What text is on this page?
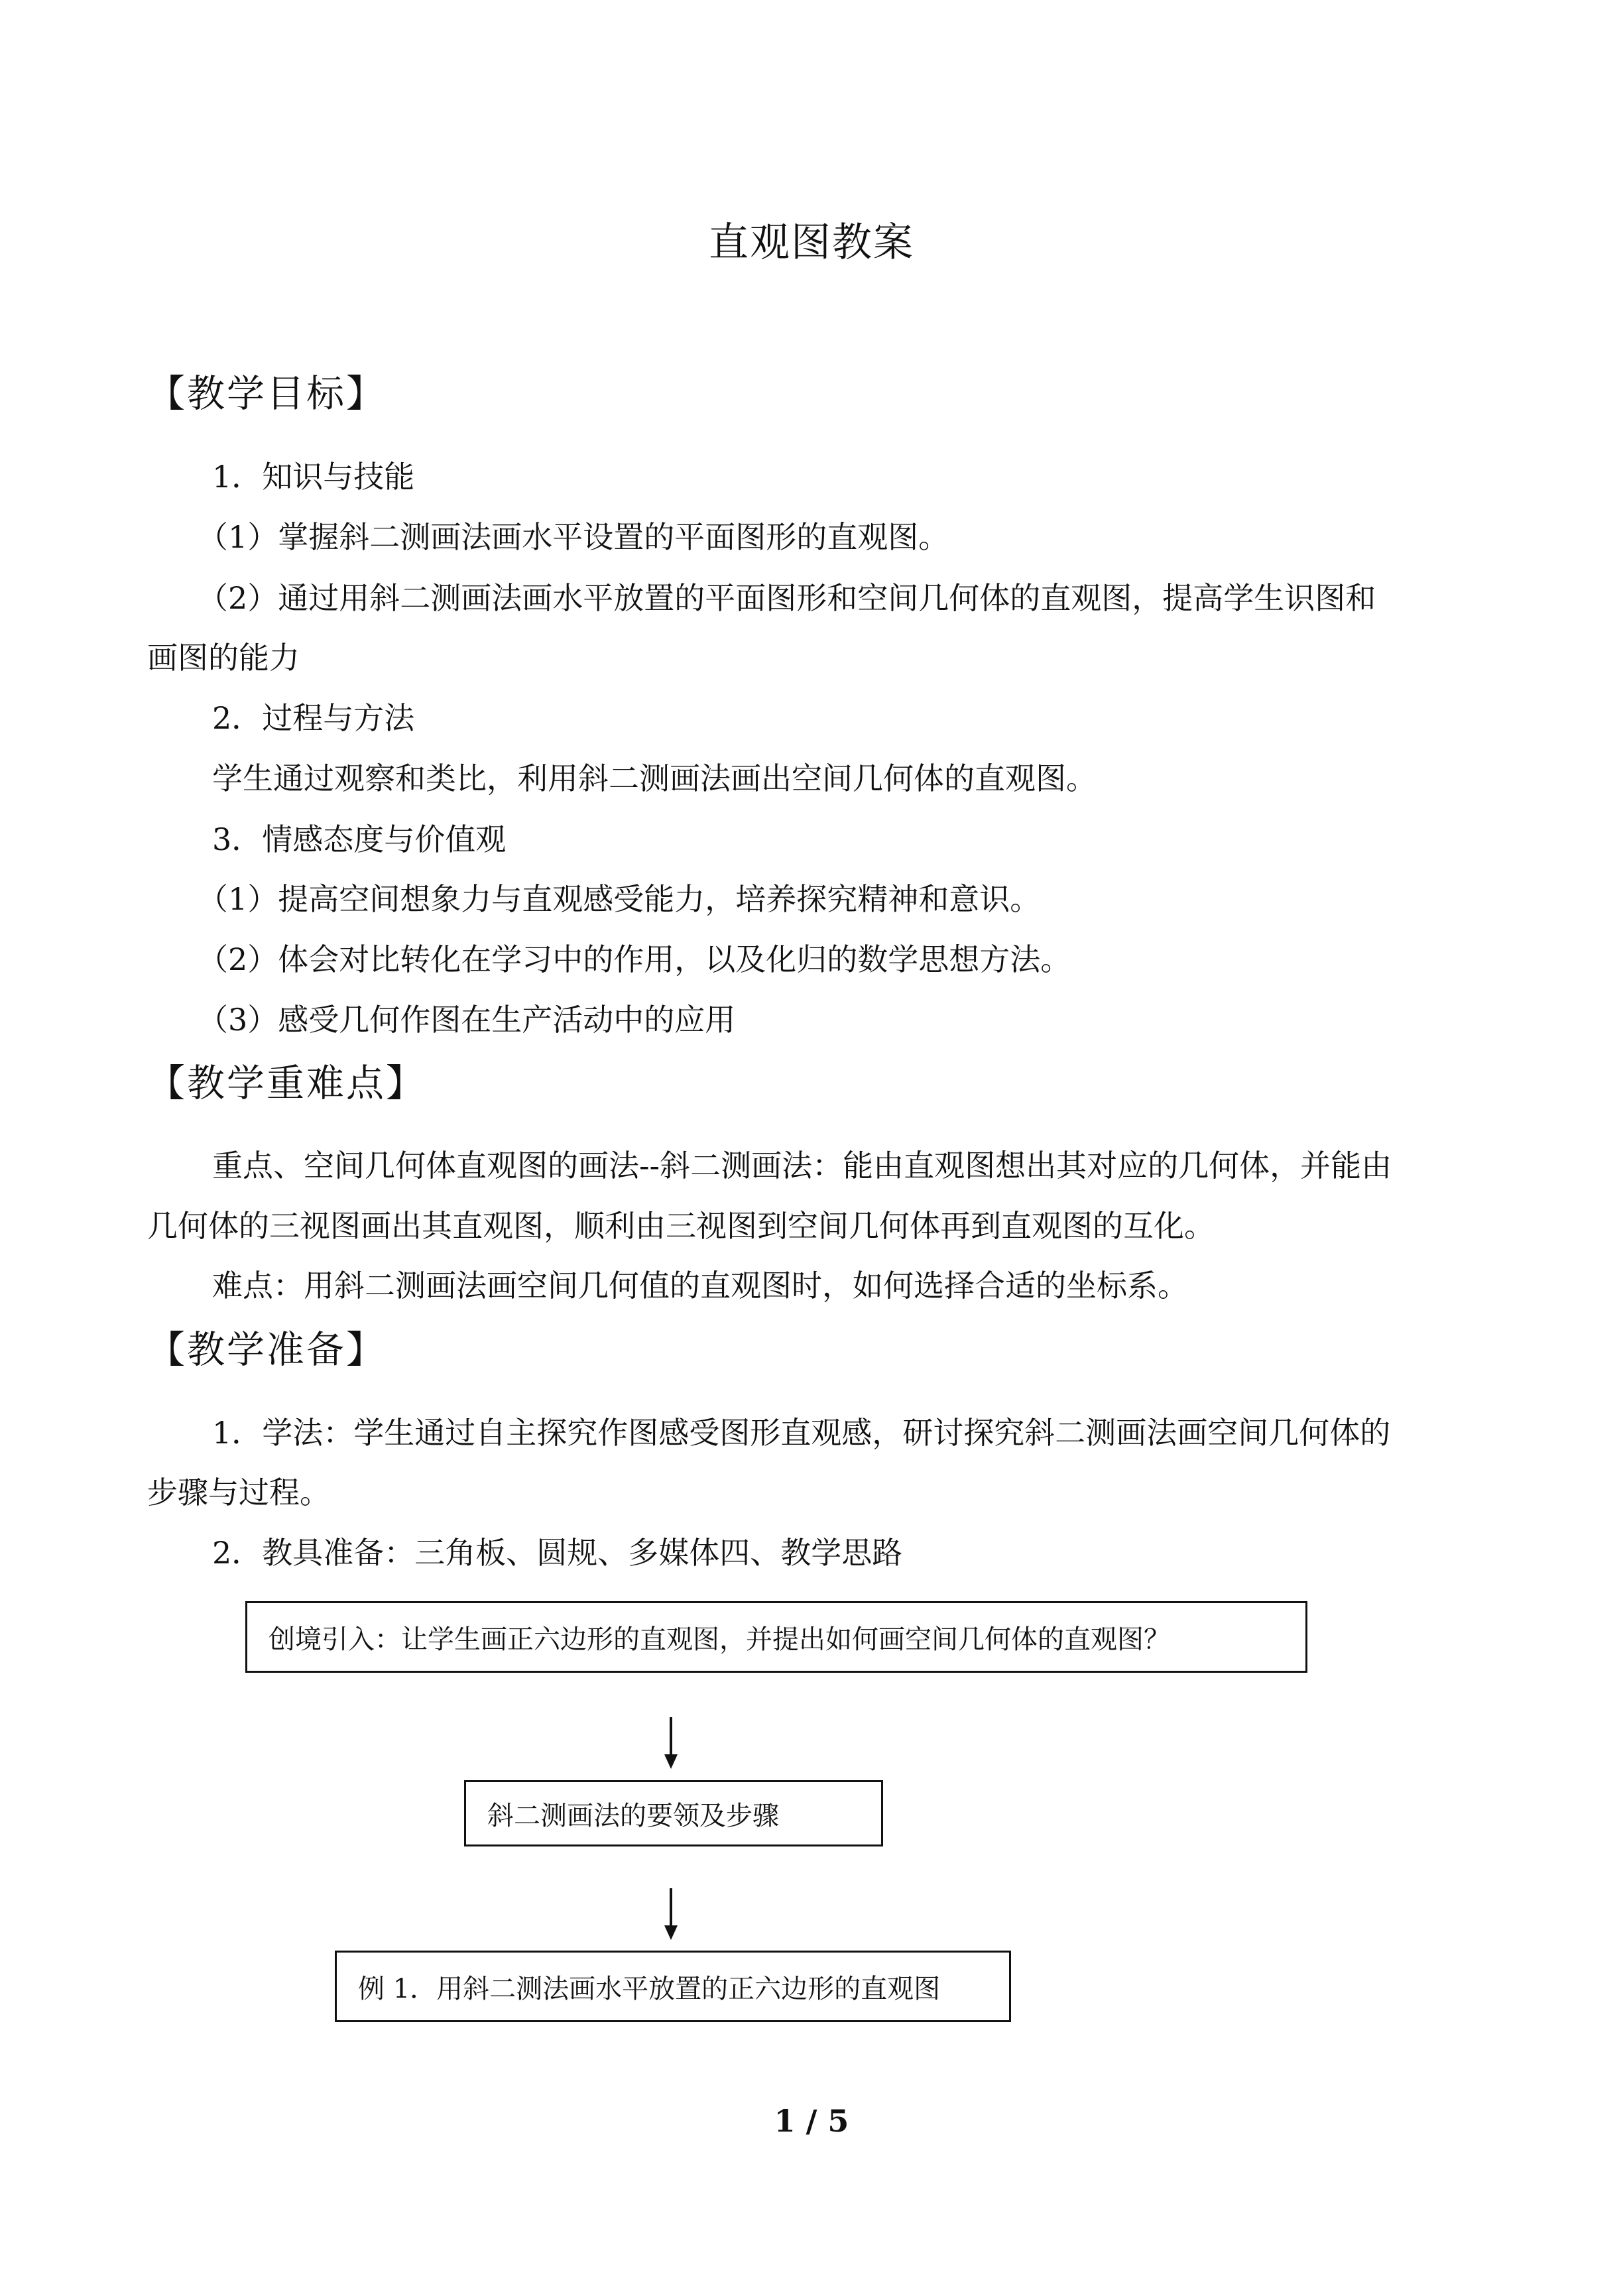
直观图教案
【教学目标】
1．知识与技能
（1）掌握斜二测画法画水平设置的平面图形的直观图。
（2）通过用斜二测画法画水平放置的平面图形和空间几何体的直观图，提高学生识图和
画图的能力
2．过程与方法
学生通过观察和类比，利用斜二测画法画出空间几何体的直观图。
3．情感态度与价值观
（1）提高空间想象力与直观感受能力，培养探究精神和意识。
（2）体会对比转化在学习中的作用，以及化归的数学思想方法。
（3）感受几何作图在生产活动中的应用
【教学重难点】
重点、空间几何体直观图的画法--斜二测画法：能由直观图想出其对应的几何体，并能由
几何体的三视图画出其直观图，顺利由三视图到空间几何体再到直观图的互化。
难点：用斜二测画法画空间几何值的直观图时，如何选择合适的坐标系。
【教学准备】
1．学法：学生通过自主探究作图感受图形直观感，研讨探究斜二测画法画空间几何体的
步骤与过程。
2．教具准备：三角板、圆规、多媒体四、教学思路
创境引入：让学生画正六边形的直观图，并提出如何画空间几何体的直观图？
斜二测画法的要领及步骤
例 1．用斜二测法画水平放置的正六边形的直观图
1 / 5
